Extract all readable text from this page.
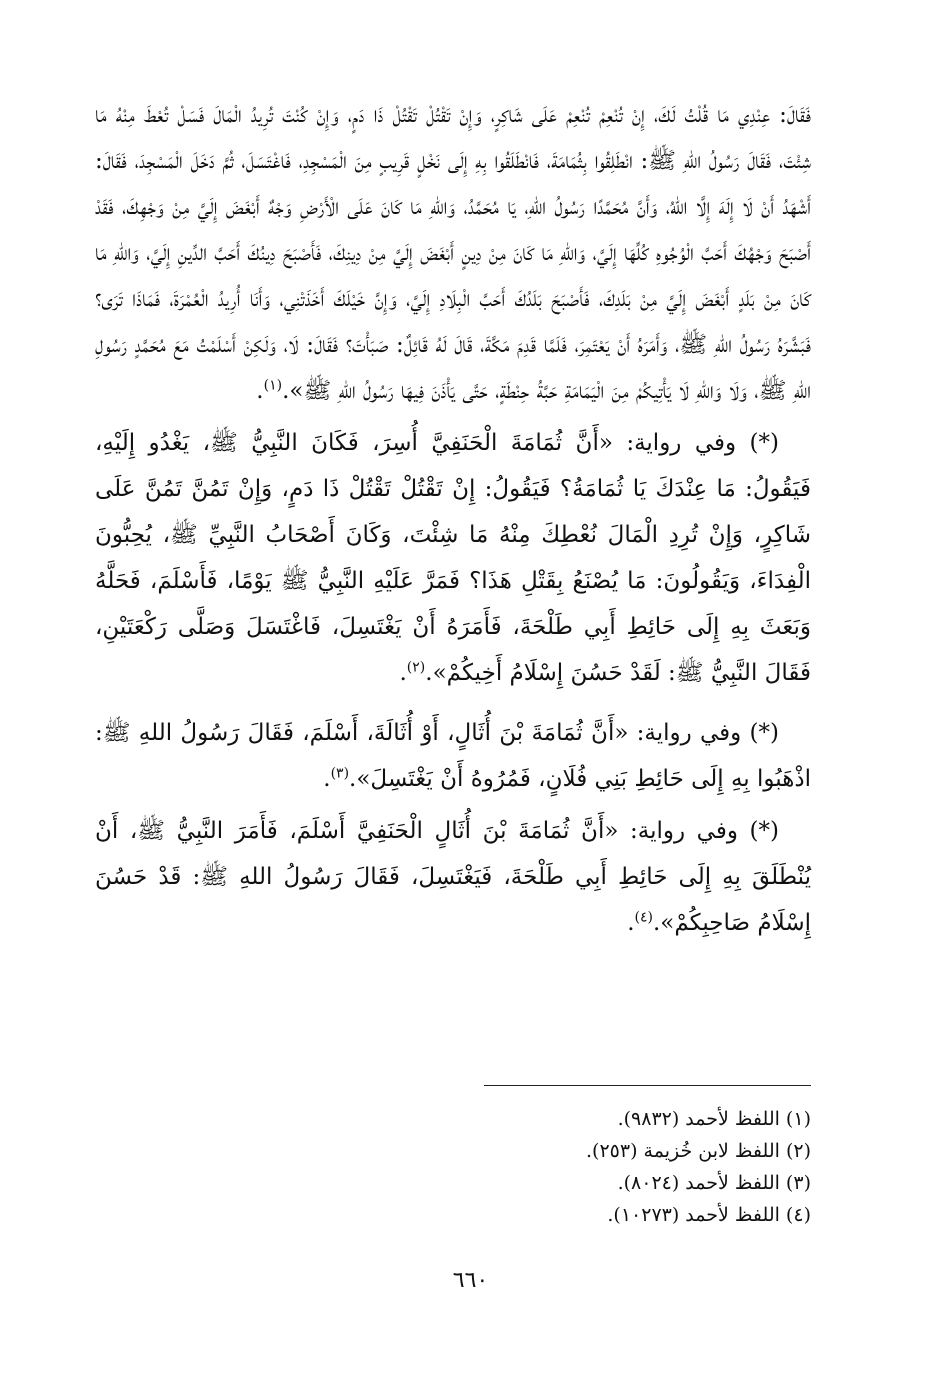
فَقَالَ: عِنْدِي مَا قُلْتُ لَكَ، إِنْ تُنْعِمْ تُنْعِمْ عَلَى شَاكِرٍ، وَإِنْ تَقْتُلْ تَقْتُلْ ذَا دَمٍ، وَإِنْ كُنْتَ تُرِيدُ الْمَالَ فَسَلْ تُعْطَ مِنْهُ مَا شِئْتَ، فَقَالَ رَسُولُ اللهِ ﷺ: انْطَلِقُوا بِثُمَامَةَ، فَانْطَلَقُوا بِهِ إِلَى نَخْلٍ قَرِيبٍ مِنَ الْمَسْجِدِ، فَاغْتَسَلَ، ثُمَّ دَخَلَ الْمَسْجِدَ، فَقَالَ: أَشْهَدُ أَنْ لَا إِلَهَ إِلَّا اللهُ، وَأَنَّ مُحَمَّدًا رَسُولُ اللهِ، يَا مُحَمَّدُ، وَاللهِ مَا كَانَ عَلَى الْأَرْضِ وَجْهٌ أَبْغَضَ إِلَيَّ مِنْ وَجْهِكَ، فَقَدْ أَصْبَحَ وَجْهُكَ أَحَبَّ الْوُجُوهِ كُلِّهَا إِلَيَّ، وَاللهِ مَا كَانَ مِنْ دِينٍ أَبْغَضَ إِلَيَّ مِنْ دِينِكَ، فَأَصْبَحَ دِينُكَ أَحَبَّ الدِّينِ إِلَيَّ، وَاللهِ مَا كَانَ مِنْ بَلَدٍ أَبْغَضَ إِلَيَّ مِنْ بَلَدِكَ، فَأَصْبَحَ بَلَدُكَ أَحَبَّ الْبِلَادِ إِلَيَّ، وَإِنَّ خَيْلَكَ أَخَذَتْنِي، وَأَنَا أُرِيدُ الْعُمْرَةَ، فَمَاذَا تَرَى؟ فَبَشَّرَهُ رَسُولُ اللهِ ﷺ، وَأَمَرَهُ أَنْ يَعْتَمِرَ، فَلَمَّا قَدِمَ مَكَّةَ، قَالَ لَهُ قَائِلٌ: صَبَأْتَ؟ فَقَالَ: لَا، وَلَكِنْ أَسْلَمْتُ مَعَ مُحَمَّدٍ رَسُولِ اللهِ ﷺ، وَلَا وَاللهِ لَا يَأْتِيكُمْ مِنَ الْيَمَامَةِ حَبَّةُ حِنْطَةٍ، حَتَّى يَأْذَنَ فِيهَا رَسُولُ اللهِ ﷺ».$^{(١)}$.

(*) وفي رواية: «أَنَّ ثُمَامَةَ الْحَنَفِيَّ أُسِرَ، فَكَانَ النَّبِيُّ ﷺ، يَغْدُو إِلَيْهِ، فَيَقُولُ: مَا عِنْدَكَ يَا ثُمَامَةُ؟ فَيَقُولُ: إِنْ تَقْتُلْ تَقْتُلْ ذَا دَمٍ، وَإِنْ تَمُنَّ تَمُنَّ عَلَى شَاكِرٍ، وَإِنْ تُرِدِ الْمَالَ نُعْطِكَ مِنْهُ مَا شِئْتَ، وَكَانَ أَصْحَابُ النَّبِيِّ ﷺ، يُحِبُّونَ الْفِدَاءَ، وَيَقُولُونَ: مَا يُصْنَعُ بِقَتْلِ هَذَا؟ فَمَرَّ عَلَيْهِ النَّبِيُّ ﷺ يَوْمًا، فَأَسْلَمَ، فَحَلَّهُ وَبَعَثَ بِهِ إِلَى حَائِطِ أَبِي طَلْحَةَ، فَأَمَرَهُ أَنْ يَغْتَسِلَ، فَاغْتَسَلَ وَصَلَّى رَكْعَتَيْنِ، فَقَالَ النَّبِيُّ ﷺ: لَقَدْ حَسُنَ إِسْلَامُ أَخِيكُمْ».$^{(٢)}$.

(*) وفي رواية: «أَنَّ ثُمَامَةَ بْنَ أُثَالٍ، أَوْ أُثَالَةَ، أَسْلَمَ، فَقَالَ رَسُولُ اللهِ ﷺ: اذْهَبُوا بِهِ إِلَى حَائِطِ بَنِي فُلَانٍ، فَمُرُوهُ أَنْ يَغْتَسِلَ».$^{(٣)}$.

(*) وفي رواية: «أَنَّ ثُمَامَةَ بْنَ أُثَالٍ الْحَنَفِيَّ أَسْلَمَ، فَأَمَرَ النَّبِيُّ ﷺ، أَنْ يُنْطَلَقَ بِهِ إِلَى حَائِطِ أَبِي طَلْحَةَ، فَيَغْتَسِلَ، فَقَالَ رَسُولُ اللهِ ﷺ: قَدْ حَسُنَ إِسْلَامُ صَاحِبِكُمْ».$^{(٤)}$.

(١) اللفظ لأحمد (٩٨٣٢).
(٢) اللفظ لابن خُزيمة (٢٥٣).
(٣) اللفظ لأحمد (٨٠٢٤).
(٤) اللفظ لأحمد (١٠٢٧٣).
٦٦٠
